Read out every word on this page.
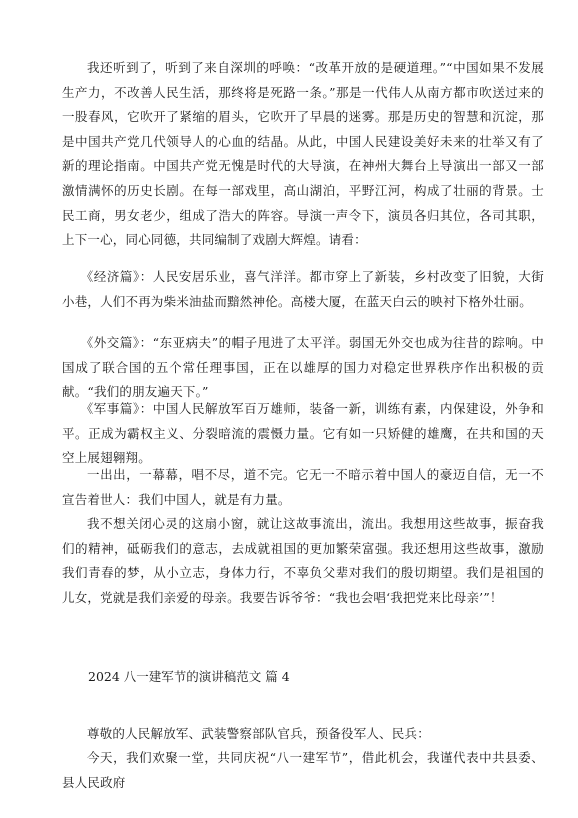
我还听到了，听到了来自深圳的呼唤：“改革开放的是硬道理。”“中国如果不发展生产力，不改善人民生活，那终将是死路一条。”那是一代伟人从南方都市吹送过来的一股春风，它吹开了紧缩的眉头，它吹开了早晨的迷雾。那是历史的智慧和沉淀，那是中国共产党几代领导人的心血的结晶。从此，中国人民建设美好未来的壮举又有了新的理论指南。中国共产党无愧是时代的大导演，在神州大舞台上导演出一部又一部激情满怀的历史长剧。在每一部戏里，高山湖泊，平野江河，构成了壮丽的背景。士民工商，男女老少，组成了浩大的阵容。导演一声令下，演员各归其位，各司其职，上下一心，同心同德，共同编制了戏剧大辉煌。请看：

《经济篇》：人民安居乐业，喜气洋洋。都市穿上了新装，乡村改变了旧貌，大街小巷，人们不再为柴米油盐而黯然神伦。高楼大厦，在蓝天白云的映衬下格外壮丽。

《外交篇》：“东亚病夫”的帽子甩进了太平洋。弱国无外交也成为往昔的踪响。中国成了联合国的五个常任理事国，正在以雄厚的国力对稳定世界秩序作出积极的贡献。“我们的朋友遍天下。”

《军事篇》：中国人民解放军百万雄师，装备一新，训练有素，内保建设，外争和平。正成为霸权主义、分裂暗流的震慑力量。它有如一只矫健的雄鹰，在共和国的天空上展翅翱翔。

一出出，一幕幕，唱不尽，道不完。它无一不暗示着中国人的豪迈自信，无一不宣告着世人：我们中国人，就是有力量。

我不想关闭心灵的这扇小窗，就让这故事流出，流出。我想用这些故事，振奋我们的精神，砥砺我们的意志，去成就祖国的更加繁荣富强。我还想用这些故事，激励我们青春的梦，从小立志，身体力行，不辜负父辈对我们的殷切期望。我们是祖国的儿女，党就是我们亲爱的母亲。我要告诉爷爷：“我也会唱‘我把党来比母亲’”！

2024 八一建军节的演讲稿范文 篇 4

尊敬的人民解放军、武装警察部队官兵，预备役军人、民兵：

今天，我们欢聚一堂，共同庆祝“八一建军节”，借此机会，我谨代表中共县委、县人民政府
